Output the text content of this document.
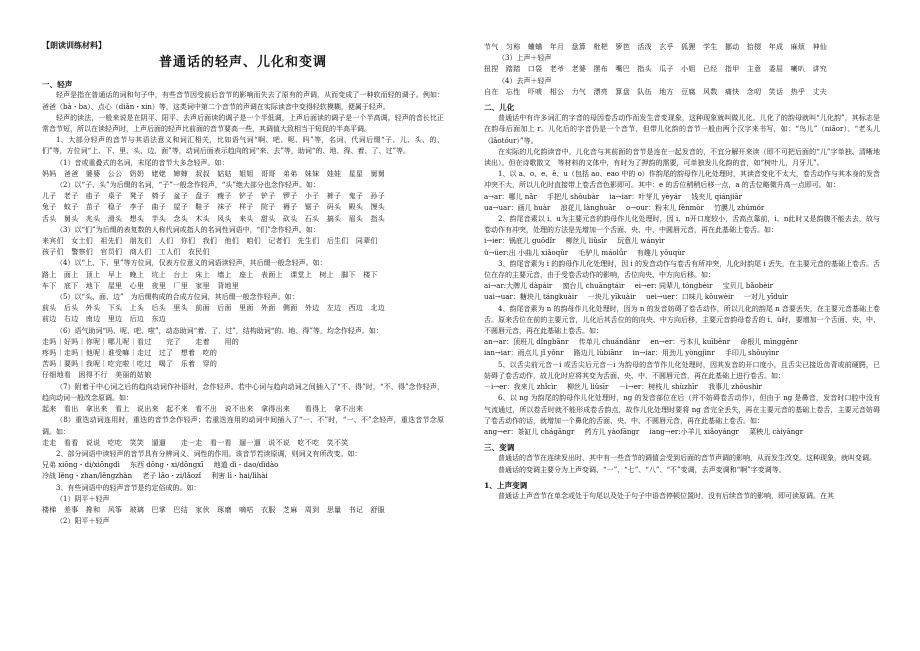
【朗读训练材料】
普通话的轻声、儿化和变调
一、轻声
轻声是指在普通话的词和句子中，有些音节因受前后音节的影响而失去了原有的声调，从而变成了一种软而轻的调子。例如：爸爸（bà・ba）、点心（diǎn・xin）等，这类词中第二个音节的声调在实际读音中变得轻软模糊，便属于轻声。
轻声的读法，一般来说是在阴平、阳平、去声后面读的调子是一个半低调，上声后面读的调子是一个半高调。轻声的音长比正常音节短，所以在读轻声时，上声后面的轻声比前面的音节要高一些，其调值大致相当于短促的半高平调。
1、大部分轻声的音节与其语法意义和词汇相关，比如语气词“啊、吧、呢、吗”等，名词、代词后缀“子、儿、头、的、们”等，方位词“上、下、里、头、边、面”等，动词后面表示趋向的词“来、去”等，助词“的、地、得、着、了、过”等。
（1）音或重叠式的名词，末尾的音节大多念轻声。如：
妈妈　爸爸　婆婆　公公　奶奶　姥姥　婶婶　叔叔　姑姑　姐姐　哥哥　弟弟　妹妹　娃娃　星星　舅舅
（2）以“子、头”为后缀的名词，“子”一般念作轻声，“头”绝大部分也念作轻声。如：
儿子　老子　庙子　桌子　凳子　椅子　盆子　盘子　瘦子　铲子　铲子　锣子　小子　裤子　鬼子　孙子
兔子　蚊子　苗子　稳子　李子　曲子　屋子　鞋子　袜子　样子　院子　褥子　锯子　码头　殿头　馒头
舌头　舅头　兆头　滑头　想头　芋头　念头　木头　风头　来头　甜头　砍头　石头　搞头　眉头　指头
（3）以“们”为后缀的表复数的人称代词或指人的名词性词语中，“们”念作轻声。如：
来宾们　女士们　祖先们　朋友们　人们　你们　我们　他们　咱们　记者们　先生们　后生们　同辈们
孩子们　警察们　官员们　商人们　工人们　农民们
（4）以“上、下、里”等方位词，仅表方位意义的词语读轻声，其后缀一般念轻声。如：
路上　面上　顶上　早上　晚上　坑上　台上　床上　墙上　座上　表面上　课堂上　树上　脚下　楼下
车下　底下　地下　屋里　心里　夜里　厂里　家里　背地里
（5）以“头、面、边”　为后缀构成的合成方位词，其后缀一般念作轻声。如：
前头　后头　外头　下头　上头　后头　里头　前面　后面　里面　外面　侧面　外边　左边　西边　北边
前边　右边　南边　里边　后边　东边
（6）语气助词“吗、呢、吧、啦”，动态助词“着、了、过”，结构助词“的、地、得”等，均念作轻声。如：
走吗｜好吗｜你呢｜哪儿呢｜看过　　完了　　走着　　用的
疼吗｜走吗｜他呢｜谁受嘛｜走过　过了　想着　吃的
苦吗｜要吗｜我呢｜吃完啦｜吃过　喝了　乐着　穿的
仔细地看　困得不行　美丽的姑娘
（7）附着于中心词之后的趋向动词作补语时，念作轻声。若中心词与趋向动词之间插入了“不、得”时，“不、得”念作轻声，趋向动词一般改念原调。如：
起来　看出　拿出来　看上　说出来　起不来　看不出　说不出来　拿得出来　　看得上　拿不出来
（8）重迭动词连用时，重迭的音节念作轻声；若重迭连用的动词中间插入了“一、不”时，“一、不”念轻声，重迭音节念原调。如：
走走　看看　说说　吃吃　笑笑　遛遛　　走一走　看一看　遛一遛　说不说　吃不吃　笑不笑
2、部分词语中读轻声的音节具有分辨词义、词性的作用。该音节若读原调，则词义有所改变。如：
兄弟 xiōng・di/xiōngdì 东西 dōng・xi/dōngxī 地道 dì・dao/dìdào
冷战 lěng・zhan/lěngzhàn 老子 lǎo・zi/lǎozǐ 利害 lì・hai/lìhài
3、有些词语中的轻声音节是约定俗成的。如：
（1）阴平＋轻声
楼梯　差事　搀和　风筝　玻璃　巴掌　巴结　家伙　琢磨　嘀咕　衣服　芝麻　周到　思量　书记　舒服
（2）阳平＋轻声
节气　匀称　蛐蛐　年月　盘算　枇杷　箩笆　活泼　玄乎　狐狸　学生　挪动　拾掇　年成　麻烦　神仙
（3）上声＋轻声
扭捏　踏踏　口袋　老爷　老婆　摆布　嘴巴　指头　瓜子　小姐　已经　指甲　主意　委屈　喇叭　讲究
（4）去声＋轻声
自在　忘性　吓唬　相公　力气　漂亮　算盘　队伍　地方　豆腐　风数　痛快　念叨　笑话　热乎　丈夫
二、儿化
普通话中有许多词汇的字音的母因卷舌动作而发生音变现象，这种现象就叫做儿化。儿化了的韵母就叫“儿化韵”，其标志是在韵母后面加上 r。儿化后的字音仍是一个音节，但带儿化韵的音节一般由两个汉字来书写，如：“鸟儿”（niǎor）、“老头儿（lǎotóur）”等。
在实际的儿化韵读音中，儿化音与其前面的音节是连在一起发音的，不宜分解开来读（即不可把后面的“儿”字单独、清晰地读出）。但在诗歌散文　等材料的文体中，有时为了押韵的需要，可单独发儿化韵的音，如“树叶儿，月牙儿”。
1、以 a、o、e、ê、u（包括 ao、eao 中的 o）作韵尾的韵母作儿化处理时，其读音变化不太大，卷舌动作与其本身的发音冲突不大，所以儿化时直接带上卷舌音色影即可。其中：e 的舌位稍稍后移一点，a 的舌位略微升高一点即可。如：
a→ar：哪儿 nǎr 手把儿 shǒubàr ia→iar：叶芽儿 yèyár 钱夹儿 qiánjiār
ua→uar：画儿 huàr 浪花儿 lànghuār o→our：粉末儿 fěnmòr 竹膜儿 zhúmór
2、韵尾音素以 i、u为主要元音的韵母作儿化处理时，因 i、n开口度较小，舌高点靠前，i、n此时又是韵腹不能去去，故与卷动作有冲突，处理的方法是先增加一个舌面、央、中、中圆唇元音，再在此基础上卷舌。如：
i→ier：锅底儿 guōdǐr 柳丝儿 liǔsīr 玩意儿 wányìr
ü→üer:出 小曲儿 xiǎoqǔr 毛驴儿 máolǘr 有趣儿 yǒuqùr
3、韵尾音素为 i 的韵母作儿化处理时，因 i 的发音动作与卷舌有所冲突，儿化时韵尾 i 丢失，在主要元音的基础上卷舌。舌位在存的主要元音，由于受卷舌动作的影响，舌位向央、中方向后移。如：
ai→ar:大牌儿 dàpáir 窗台儿 chuāngtáir ei→er: 同辈儿 tóngbèir 宝贝儿 bǎobèir
uai→uar：糖块儿 tángkuàir 一块儿 yīkuàir uei→uer：口味儿 kǒuwèir 一对儿 yīduìr
4、韵尾音素为 n 的韵母作儿化处理时，因为 n 的发音妨碍了卷舌动作，所以儿化的韵尾 n 音要丢失，在主要元音基础上卷舌。原来舌位在前的主要元音，儿化后其舌位的的向央、中方向后移，主要元音韵母卷舌的 i、ü时，要增加一个舌面、央、中、不圆唇元音，再在此基础上卷舌。如：
an→ar：顶班儿 dǐngbānr 传单儿 chuándānr en→er：亏本儿 kuīběnr 命根儿 mìnggēnr
ian→iar：雨点儿 jǐ yǒnr 路边儿 lùbiānr in→iar：用劲儿 yòngjìnr 手印儿 shǒuyìnr
5、以舌尖前元音－i 或舌尖后元音－i 为韵母的音节作儿化处理时，因其发音的开口度小，且舌尖已接近齿背或前硬腭，已妨碍了卷舌动作，故儿化时应将其变为舌面、央、中、不圆唇元音，再在此基础上进行卷舌。如：
－i→er：我来儿 zhǐcìr 柳丝儿 liǔsīr －i→er：树枝儿 shùzhīr 我事儿 zhōushìr
6、以 ng 为韵尾的韵母作儿化处理时，ng 的发音部位在后（并不妨碍卷舌动作），但由于 ng 是鼻音，发音时口腔中没有气流通过，所以卷舌时就不能形成卷舌韵点，故作儿化处理时要将 ng 音完全丢失，再在主要元音的基础上卷舌，主要元音妨碍了卷舌动作的话，就增加一个鼻化的舌面、央、中、不圆唇元音，再在此基础上卷舌。如：
ang→er：茶缸儿 chágāngr 药方儿 yàofāngr iang→er:小羊儿 xiǎoyángr 菜秧儿 càiyāngr
三、变调
普通话的音节在连续发出时，其中有一些音节的调值会受到后面的音节声调的影响，从而发生改变。这种现象，就叫变调。
普通话的变调主要分为上声变调、“一”、“七”、“八”、“不”变调，去声变调和“啊”字变调等。
1、上声变调
普通话上声音节在单念或处于句尾以及处于句子中语音停顿位置时，没有后续音节的影响，即可读原调。在其
